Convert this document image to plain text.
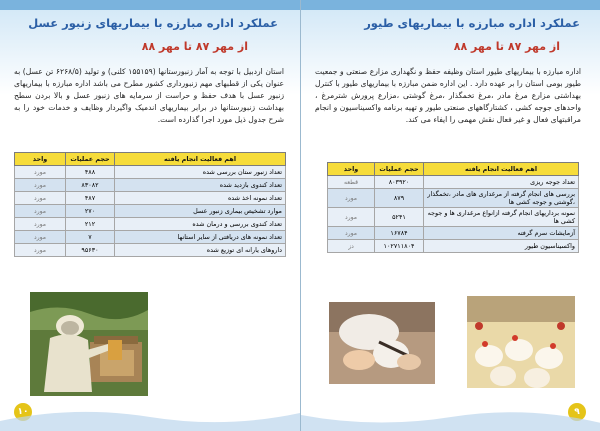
عملکرد اداره مبارزه با بیماریهای زنبور عسل
از مهر ۸۷ تا مهر ۸۸
استان اردبیل با توجه به آمار زنبورستانها (۱۵۵۱۵۹ کلنی) و تولید (۶۲۶۸/۵ تن عسل) به عنوان یکی از قطبهای مهم زنبورداری کشور مطرح می باشد اداره مبارزه با بیماریهای زنبور عسل با هدف حفظ و حراست از سرمایه های زنبور عسل و بالا بردن سطح بهداشت زنبورستانها در برابر بیماریهای اندمیک واگیردار وظایف و خدمات خود را به شرح جدول ذیل مورد اجرا گذارده است.
اهم فعالیت انجام یافته	حجم عملیات	واحد
تعداد زنبور ستان بررسی شده	۴۸۸	مورد
تعداد کندوی بازدید شده	۸۳۰۸۲	مورد
تعداد نمونه اخذ شده	۴۸۷	مورد
موارد تشخیص بیماری زنبور عسل	۲۷۰	مورد
تعداد کندوی بررسی و درمان شده	۲۱۲	مورد
تعداد نمونه های دریافتی از سایر استانها	۷	مورد
داروهای یارانه ای توزیع شده	۹۵۶۳۰	مورد
۱۰
عملکرد اداره مبارزه با بیماریهای طیور
از مهر ۸۷ تا مهر ۸۸
اداره مبارزه با بیماریهای طیور استان وظیفه حفظ و نگهداری مزارع صنعتی و جمعیت طیور بومی استان را بر عهده دارد . این اداره ضمن مبارزه با بیماریهای طیور با کنترل بهداشتی مزارع مرغ مادر ،مرغ تخمگذار ،مرغ گوشتی ،مزارع پرورش شترمرغ ، واحدهای جوجه کشی ، کشتارگاههای صنعتی طیور و تهیه برنامه واکسیناسیون و انجام مراقبتهای فعال و غیر فعال نقش مهمی را ایفاء می کند.
اهم فعالیت انجام یافته	حجم عملیات	واحد
تعداد جوجه ریزی	۸۰۳۹۲۰	قطعه
بررسی های انجام گرفته از مرغداری های مادر ،تخمگذار ،گوشتی و جوجه کشی ها	۸۷۹	مورد
نمونه برداریهای انجام گرفته ازانواع مرغداری ها و جوجه کشی ها	۵۲۴۱	مورد
آزمایشات سرم گرفته	۱۶۷۸۴	مورد
واکسیناسیون طیور	۱۰۲۷۱۱۸۰۴	دز
۹
